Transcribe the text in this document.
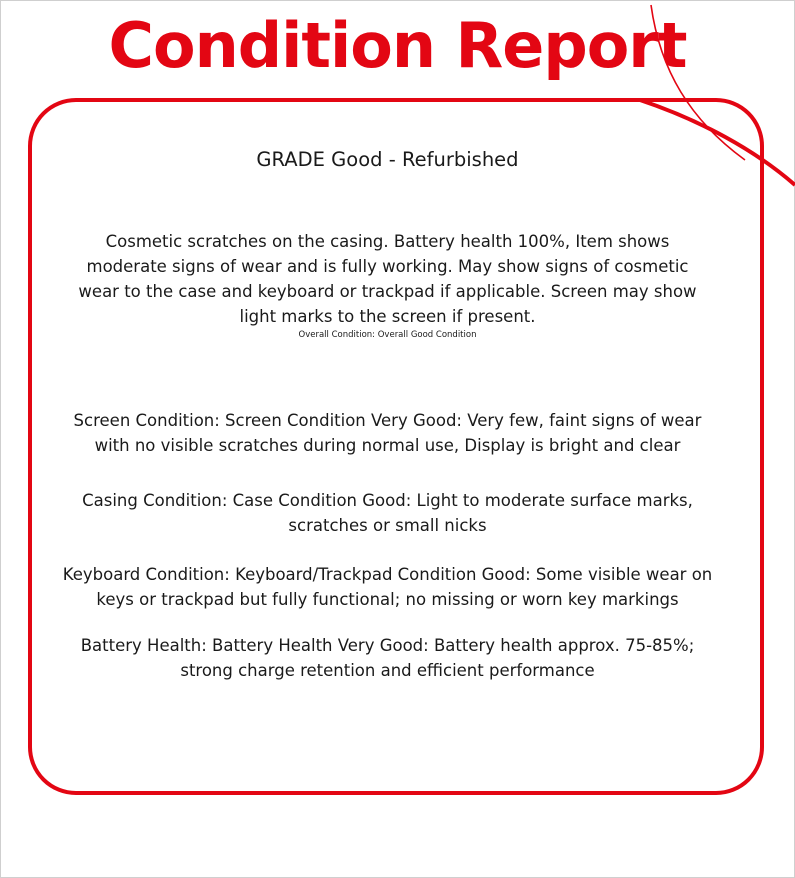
Condition Report

GRADE Good - Refurbished

Cosmetic scratches on the casing. Battery health 100%, Item shows moderate signs of wear and is fully working. May show signs of cosmetic wear to the case and keyboard or trackpad if applicable. Screen may show light marks to the screen if present.

Overall Condition: Overall Good Condition

Screen Condition: Screen Condition Very Good: Very few, faint signs of wear with no visible scratches during normal use, Display is bright and clear

Casing Condition: Case Condition Good: Light to moderate surface marks, scratches or small nicks

Keyboard Condition: Keyboard/Trackpad Condition Good: Some visible wear on keys or trackpad but fully functional; no missing or worn key markings

Battery Health: Battery Health Very Good: Battery health approx. 75-85%; strong charge retention and efficient performance
